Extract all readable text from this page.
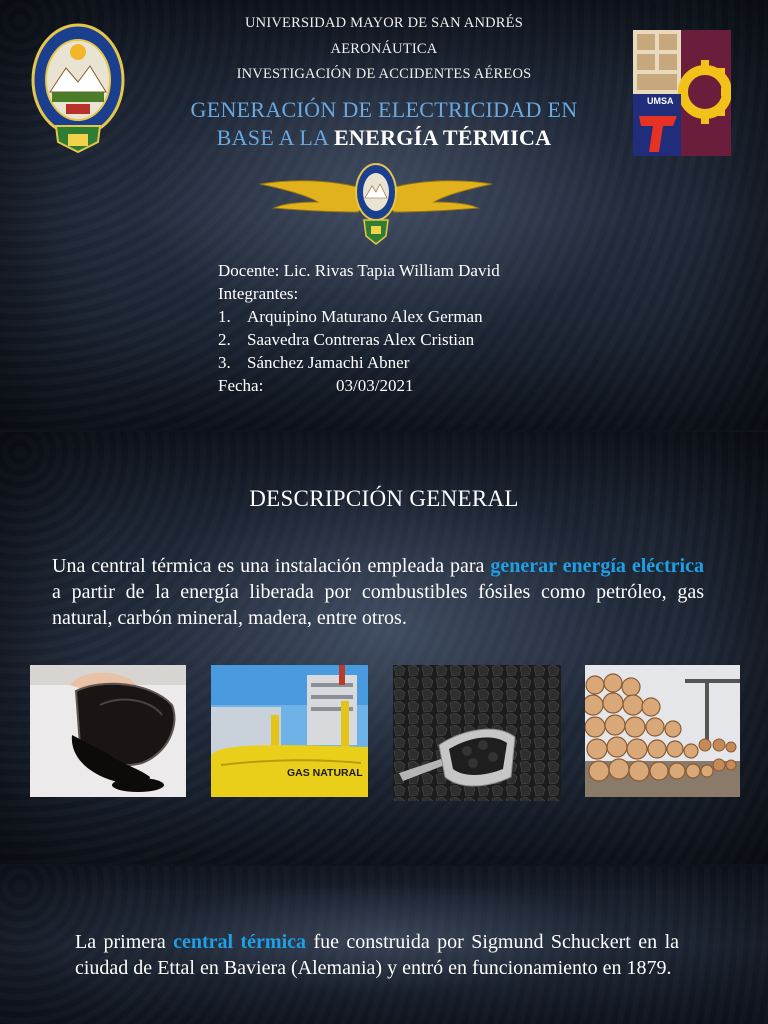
UMSA
UNIVERSIDAD MAYOR DE SAN ANDRÉS
AERONÁUTICA
INVESTIGACIÓN DE ACCIDENTES AÉREOS
GENERACIÓN DE ELECTRICIDAD EN
BASE A LA ENERGÍA TÉRMICA
Docente: Lic. Rivas Tapia William David
Integrantes:
1. Arquipino Maturano Alex German
2. Saavedra Contreras Alex Cristian
3. Sánchez Jamachi Abner
Fecha:	03/03/2021
DESCRIPCIÓN GENERAL
Una central térmica es una instalación empleada para generar energía eléctrica a partir de la energía liberada por combustibles fósiles como petróleo, gas natural, carbón mineral, madera, entre otros.
GAS NATURAL
La primera central térmica fue construida por Sigmund Schuckert en la ciudad de Ettal en Baviera (Alemania) y entró en funcionamiento en 1879.
